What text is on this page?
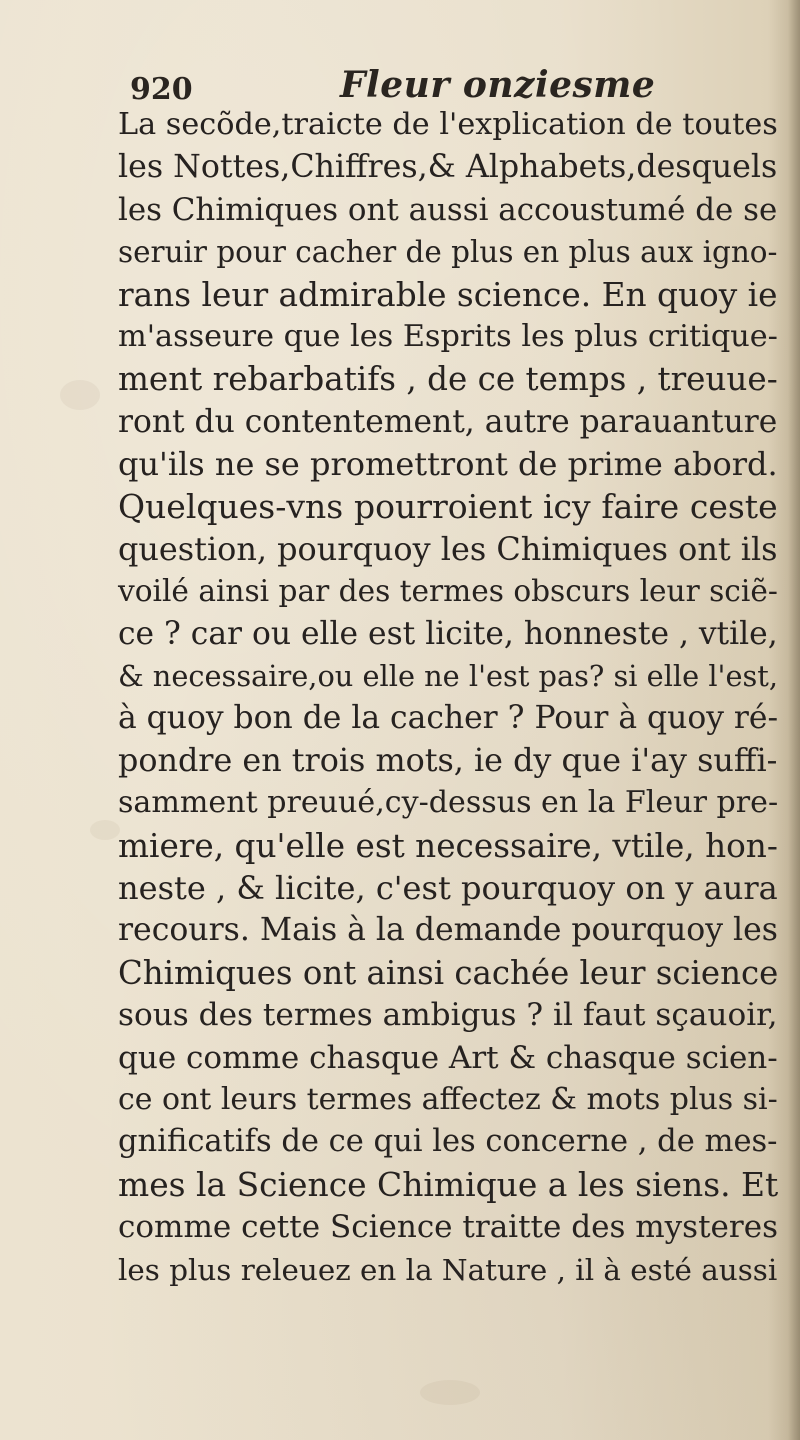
920	Fleur onziesme
La secõde,traicte de l'explication de toutes
les Nottes,Chiffres,& Alphabets,desquels
les Chimiques ont aussi accoustumé de se
seruir pour cacher de plus en plus aux igno-
rans leur admirable science. En quoy ie
m'asseure que les Esprits les plus critique-
ment rebarbatifs , de ce temps , treuue-
ront du contentement, autre parauanture
qu'ils ne se promettront de prime abord.
Quelques-vns pourroient icy faire ceste
question, pourquoy les Chimiques ont ils
voilé ainsi par des termes obscurs leur sciẽ-
ce ? car ou elle est licite, honneste , vtile,
& necessaire,ou elle ne l'est pas? si elle l'est,
à quoy bon de la cacher ? Pour à quoy ré-
pondre en trois mots, ie dy que i'ay suffi-
samment preuué,cy-dessus en la Fleur pre-
miere, qu'elle est necessaire, vtile, hon-
neste , & licite, c'est pourquoy on y aura
recours. Mais à la demande pourquoy les
Chimiques ont ainsi cachée leur science
sous des termes ambigus ? il faut sçauoir,
que comme chasque Art & chasque scien-
ce ont leurs termes affectez & mots plus si-
gnificatifs de ce qui les concerne , de mes-
mes la Science Chimique a les siens. Et
comme cette Science traitte des mysteres
les plus releuez en la Nature , il à esté aussi
